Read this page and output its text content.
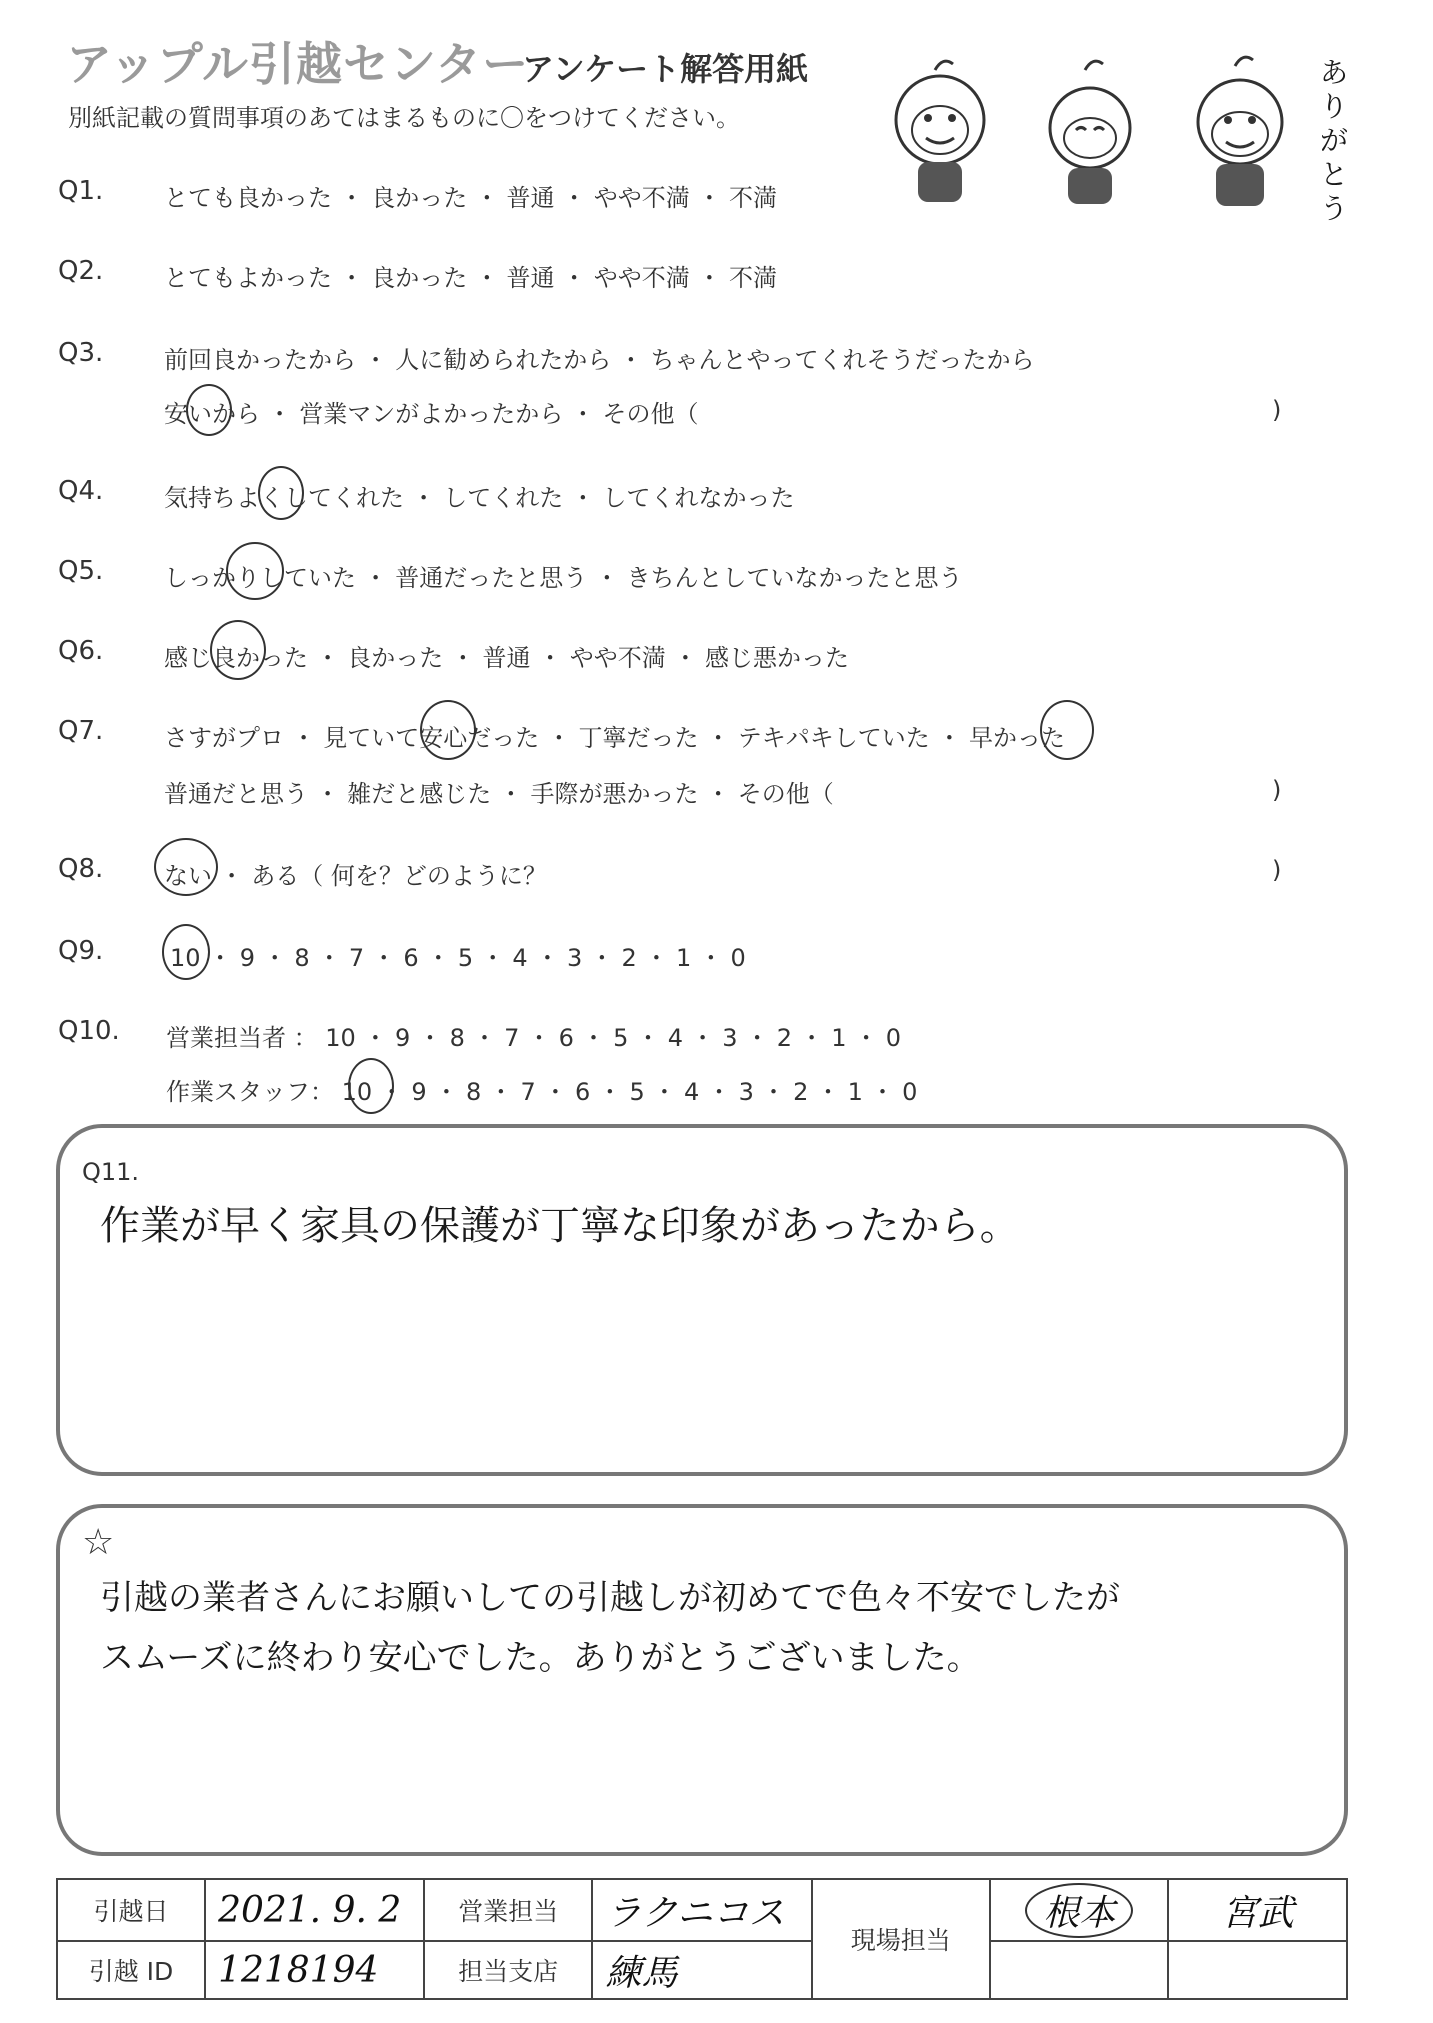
アップル引越センター
アンケート解答用紙
別紙記載の質問事項のあてはまるものに〇をつけてください。
ありがとう
Q1.	とても良かった ・ 良かった ・ 普通 ・ やや不満 ・ 不満
Q2.	とてもよかった ・ 良かった ・ 普通 ・ やや不満 ・ 不満
Q3.	前回良かったから ・ 人に勧められたから ・ ちゃんとやってくれそうだったから
安いから ・ 営業マンがよかったから ・ その他（	)
Q4.	気持ちよくしてくれた ・ してくれた ・ してくれなかった
Q5.	しっかりしていた ・ 普通だったと思う ・ きちんとしていなかったと思う
Q6.	感じ良かった ・ 良かった ・ 普通 ・ やや不満 ・ 感じ悪かった
Q7.	さすがプロ ・ 見ていて安心だった ・ 丁寧だった ・ テキパキしていた ・ 早かった
普通だと思う ・ 雑だと感じた ・ 手際が悪かった ・ その他（	)
Q8.	ない ・ ある（ 何を？どのように？	)
Q9.	10 ・ 9 ・ 8 ・ 7 ・ 6 ・ 5 ・ 4 ・ 3 ・ 2 ・ 1 ・ 0
Q10. 営業担当者 ： 10 ・ 9 ・ 8 ・ 7 ・ 6 ・ 5 ・ 4 ・ 3 ・ 2 ・ 1 ・ 0
作業スタッフ： 10 ・ 9 ・ 8 ・ 7 ・ 6 ・ 5 ・ 4 ・ 3 ・ 2 ・ 1 ・ 0
Q11.
作業が早く家具の保護が丁寧な印象があったから。
☆
引越の業者さんにお願いしての引越しが初めてで色々不安でしたが
スムーズに終わり安心でした。ありがとうございました。
引越日	2021. 9. 2	営業担当	ラクニコス	現場担当	根本	宮武
引越 ID	1218194	担当支店	練馬			
